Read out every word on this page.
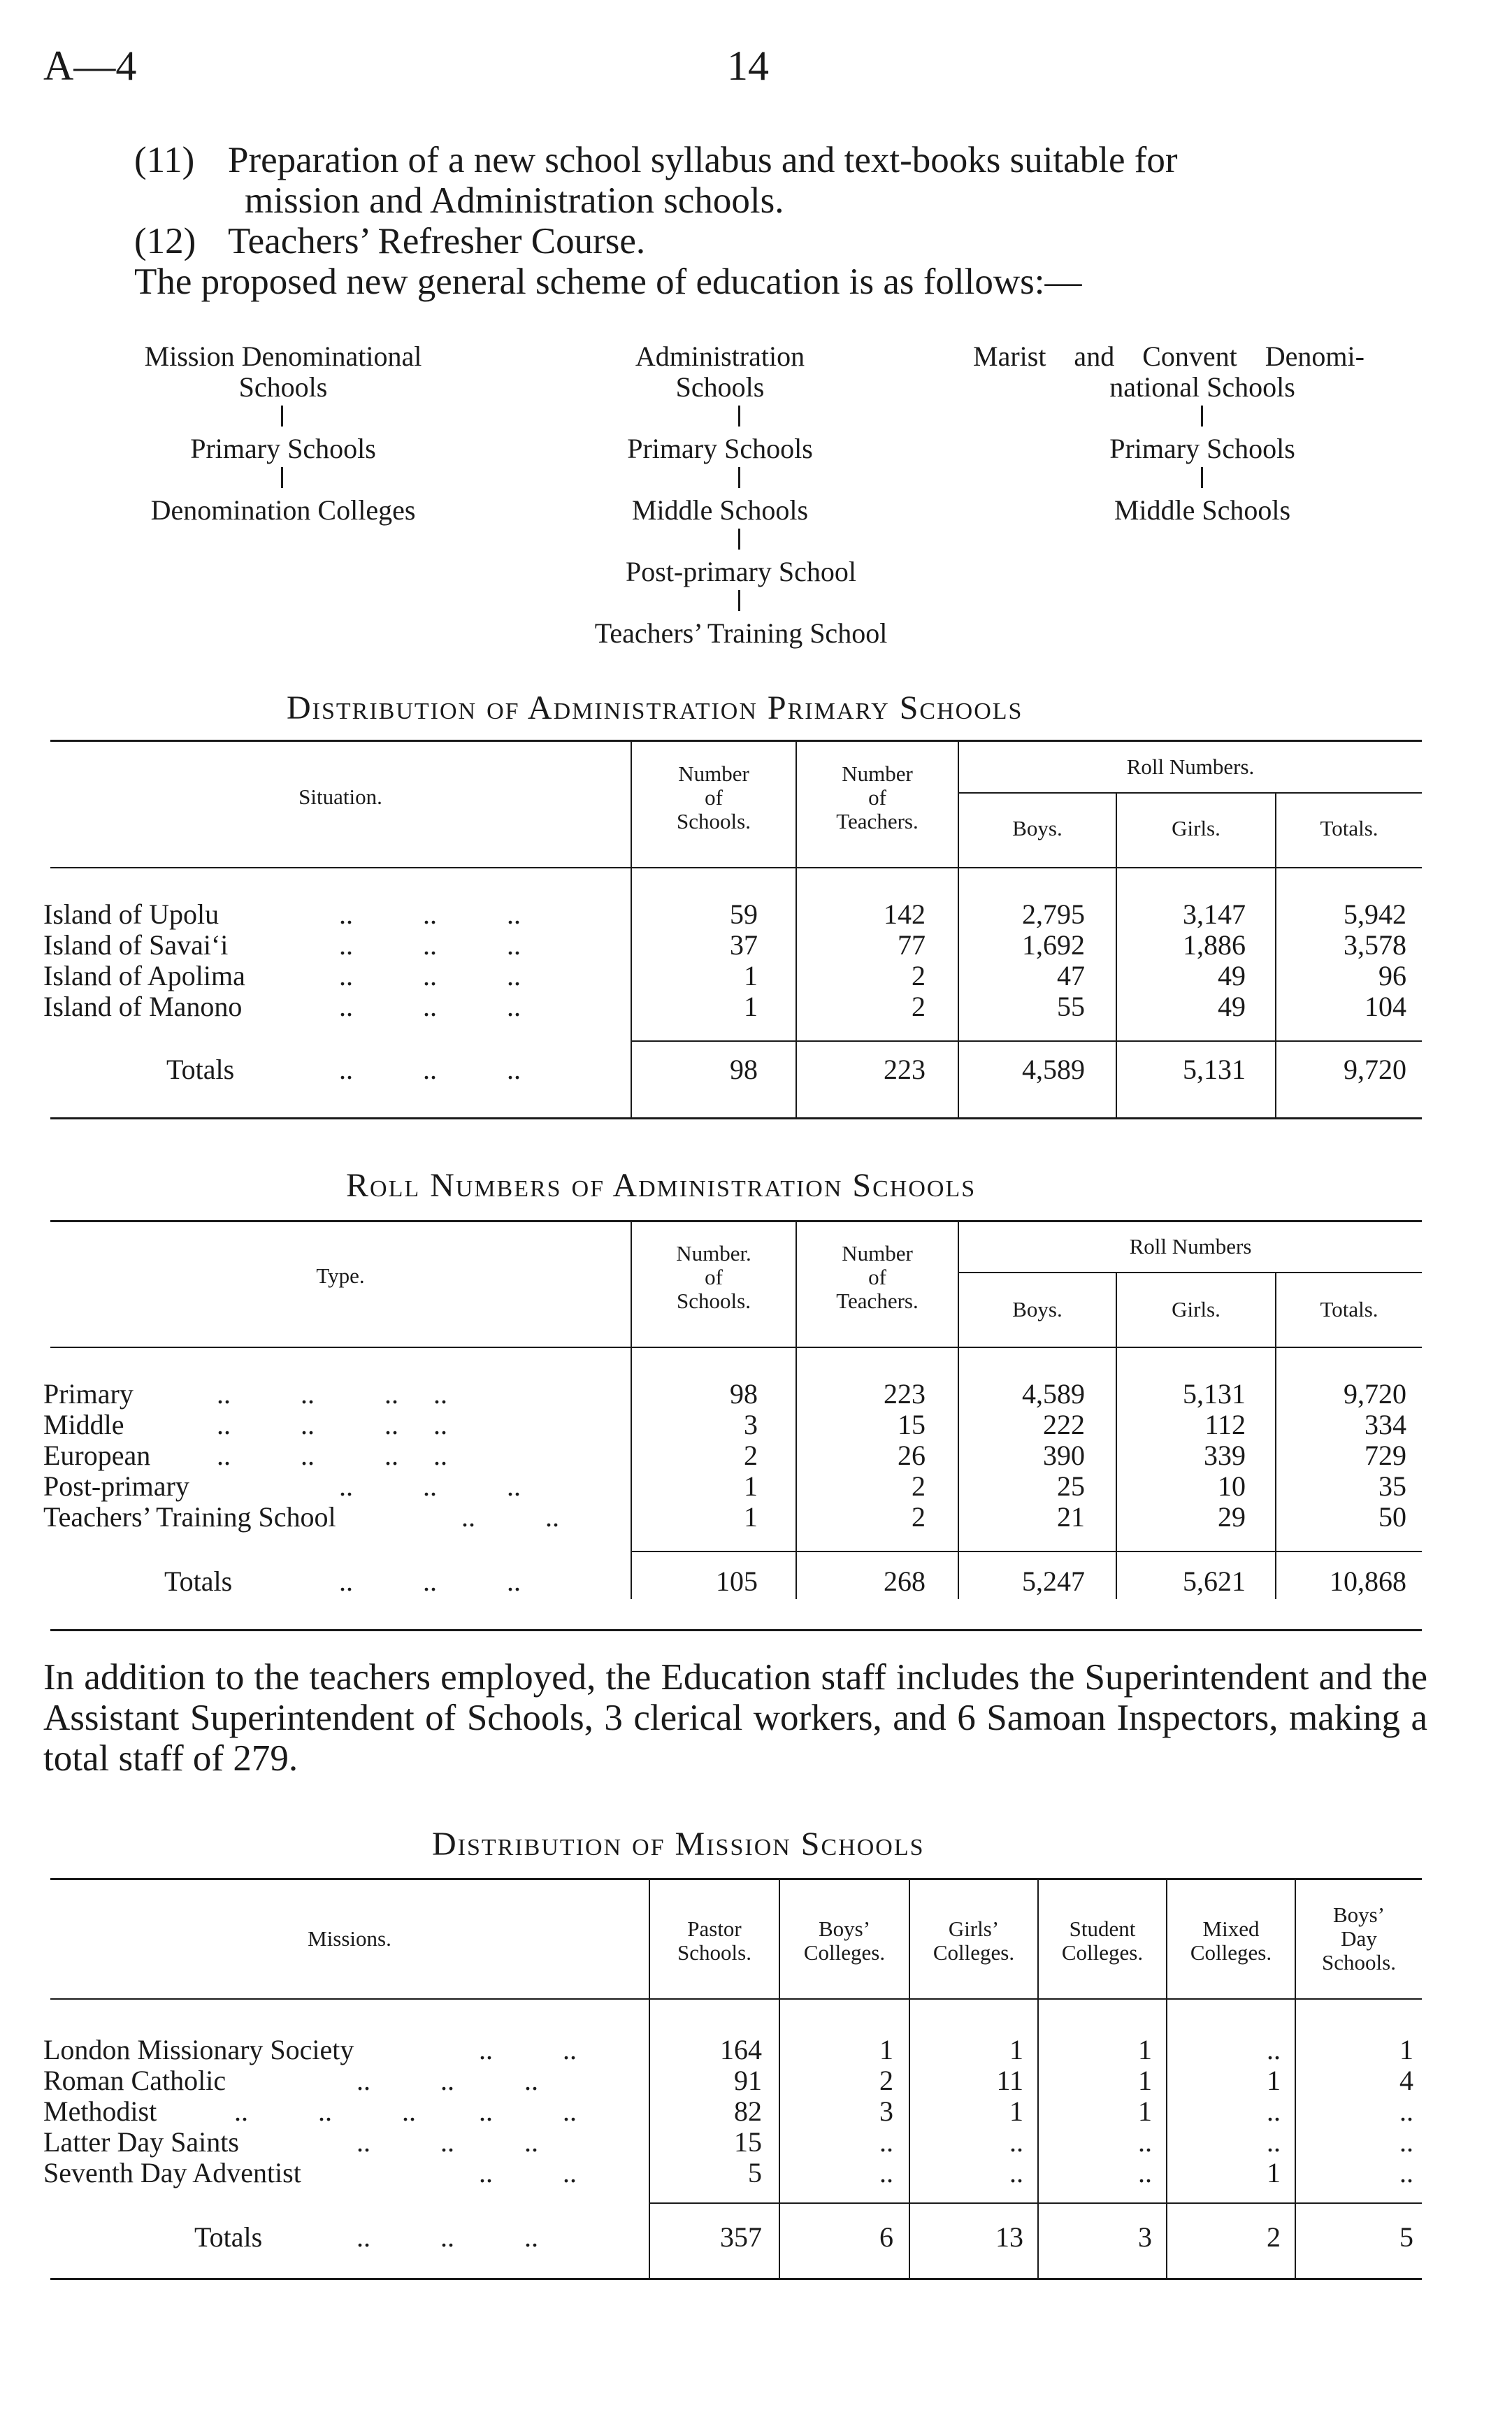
A—4	14
(11) Preparation of a new school syllabus and text-books suitable for
mission and Administration schools.
(12) Teachers’ Refresher Course.
The proposed new general scheme of education is as follows:—
Mission Denominational
Schools
Primary Schools
Denomination Colleges
Administration
Schools
Primary Schools
Middle Schools
Post-primary School
Teachers’ Training School
Marist    and    Convent    Denomi-
national Schools
Primary Schools
Middle Schools
Distribution of Administration Primary Schools
Situation.
Number
of
Schools.
Number
of
Teachers.
Roll Numbers.
Boys.	Girls.	Totals.
Island of Upolu	..          ..          ..	59	142	2,795	3,147	5,942
Island of Savai‘i	..          ..          ..	37	77	1,692	1,886	3,578
Island of Apolima	..          ..          ..	1	2	47	49	96
Island of Manono	..          ..          ..	1	2	55	49	104
Totals	..          ..          ..	98	223	4,589	5,131	9,720
Roll Numbers of Administration Schools
Type.
Number.
of
Schools.
Number
of
Teachers.
Roll Numbers
Boys.	Girls.	Totals.
Primary	..          ..          .. ..	98	223	4,589	5,131	9,720
Middle	..          ..          .. ..	3	15	222	112	334
European ..          ..          .. ..	2	26	390	339	729
Post-primary	..          ..          ..	1	2	25	10	35
Teachers’ Training School	..          ..	1	2	21	29	50
Totals	..          ..          ..	105	268	5,247	5,621	10,868
In addition to the teachers employed, the Education staff includes the Superintendent and the Assistant Superintendent of Schools, 3 clerical workers, and 6 Samoan Inspectors, making a total staff of 279.
Distribution of Mission Schools
Missions.	Pastor
Schools.
Boys’
Colleges.
Girls’
Colleges.
Student
Colleges.
Mixed
Colleges.
Boys’
Day
Schools.
London Missionary Society	..          ..	164	1	1	1	..	1
Roman Catholic	..          ..          ..	91	2	11	1	1	4
Methodist	..          ..          .. ..          ..	82	3	1	1	..	..
Latter Day Saints	..          ..          ..	15	..	..	..	..	..
Seventh Day Adventist	..          ..	5	..	..	..	1	..
Totals	..          ..          ..	357	6	13	3	2	5
